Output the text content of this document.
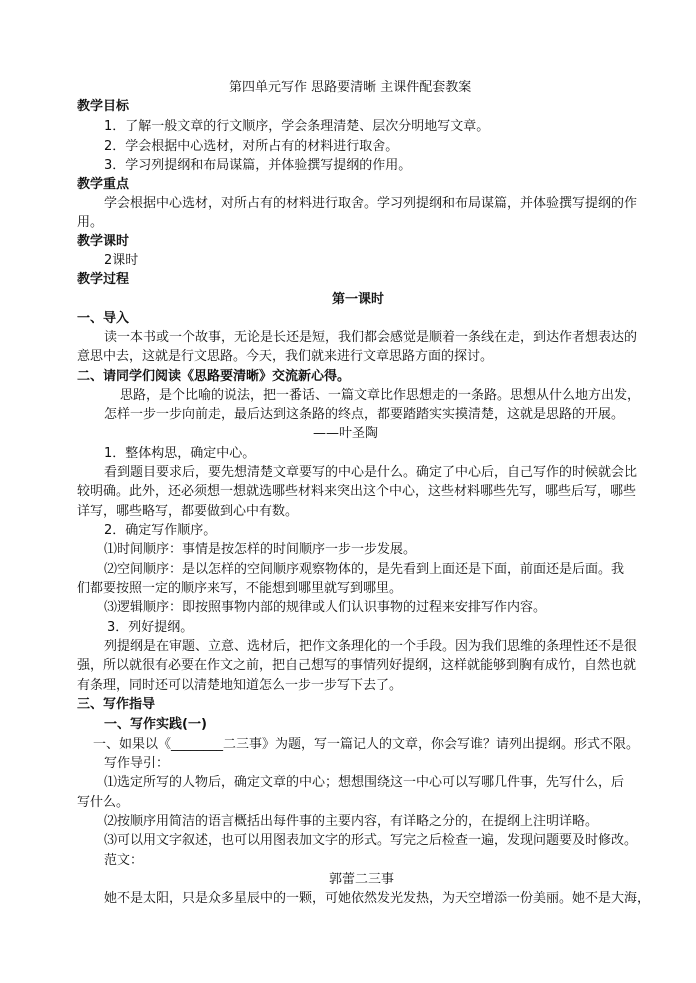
第四单元写作 思路要清晰 主课件配套教案
教学目标
1．了解一般文章的行文顺序，学会条理清楚、层次分明地写文章。
2．学会根据中心选材，对所占有的材料进行取舍。
3．学习列提纲和布局谋篇，并体验撰写提纲的作用。
教学重点
学会根据中心选材，对所占有的材料进行取舍。学习列提纲和布局谋篇，并体验撰写提纲的作
用。
教学课时
2课时
教学过程
第一课时
一、导入
读一本书或一个故事，无论是长还是短，我们都会感觉是顺着一条线在走，到达作者想表达的
意思中去，这就是行文思路。今天，我们就来进行文章思路方面的探讨。
二、请同学们阅读《思路要清晰》交流新心得。
思路，是个比喻的说法，把一番话、一篇文章比作思想走的一条路。思想从什么地方出发，
怎样一步一步向前走，最后达到这条路的终点，都要踏踏实实摸清楚，这就是思路的开展。
——叶圣陶
1．整体构思，确定中心。
看到题目要求后，要先想清楚文章要写的中心是什么。确定了中心后，自己写作的时候就会比
较明确。此外，还必须想一想就选哪些材料来突出这个中心，这些材料哪些先写，哪些后写，哪些
详写，哪些略写，都要做到心中有数。
2．确定写作顺序。
⑴时间顺序：事情是按怎样的时间顺序一步一步发展。
⑵空间顺序：是以怎样的空间顺序观察物体的，是先看到上面还是下面，前面还是后面。我
们都要按照一定的顺序来写，不能想到哪里就写到哪里。
⑶逻辑顺序：即按照事物内部的规律或人们认识事物的过程来安排写作内容。
3．列好提纲。
列提纲是在审题、立意、选材后，把作文条理化的一个手段。因为我们思维的条理性还不是很
强，所以就很有必要在作文之前，把自己想写的事情列好提纲，这样就能够到胸有成竹，自然也就
有条理，同时还可以清楚地知道怎么一步一步写下去了。
三、写作指导
一、写作实践(一)
一、如果以《________二三事》为题，写一篇记人的文章，你会写谁？请列出提纲。形式不限。
写作导引：
⑴选定所写的人物后，确定文章的中心；想想围绕这一中心可以写哪几件事，先写什么，后
写什么。
⑵按顺序用简洁的语言概括出每件事的主要内容，有详略之分的，在提纲上注明详略。
⑶可以用文字叙述，也可以用图表加文字的形式。写完之后检查一遍，发现问题要及时修改。
范文：
郭蕾二三事
她不是太阳，只是众多星辰中的一颗，可她依然发光发热，为天空增添一份美丽。她不是大海，
